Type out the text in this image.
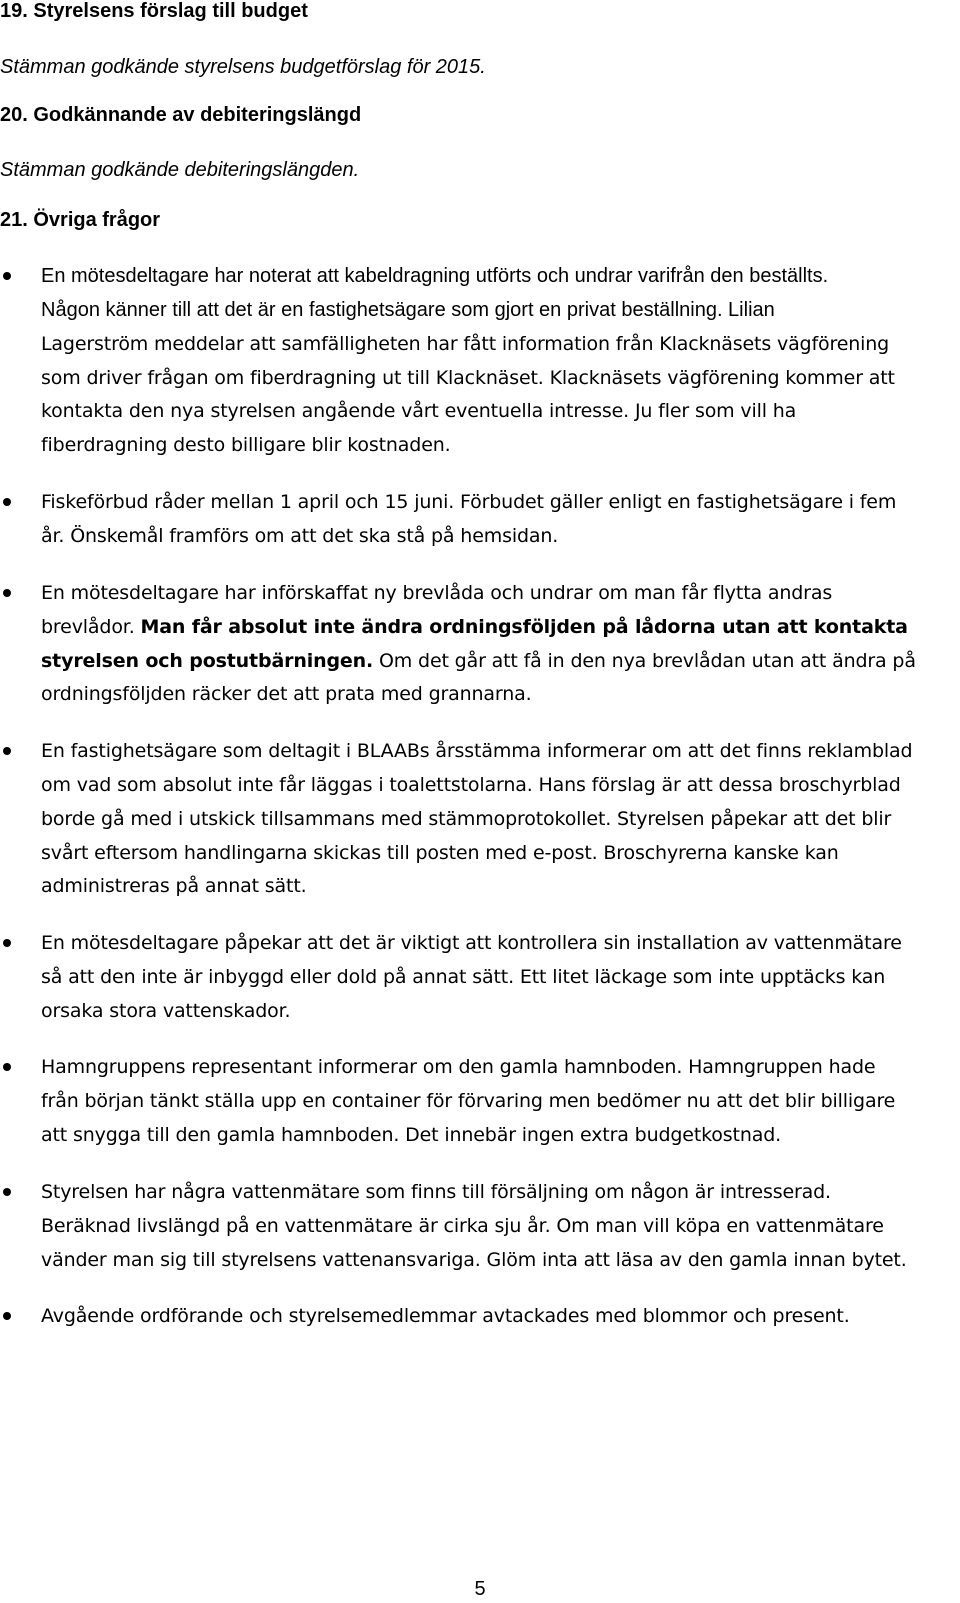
19. Styrelsens förslag till budget

Stämman godkände styrelsens budgetförslag för 2015.

20. Godkännande av debiteringslängd

Stämman godkände debiteringslängden.

21. Övriga frågor

En mötesdeltagare har noterat att kabeldragning utförts och undrar varifrån den beställts.

Någon känner till att det är en fastighetsägare som gjort en privat beställning. Lilian

Lagerström meddelar att samfälligheten har fått information från Klacknäsets vägförening

som driver frågan om fiberdragning ut till Klacknäset. Klacknäsets vägförening kommer att

kontakta den nya styrelsen angående vårt eventuella intresse. Ju fler som vill ha

fiberdragning desto billigare blir kostnaden.

Fiskeförbud råder mellan 1 april och 15 juni. Förbudet gäller enligt en fastighetsägare i fem

år. Önskemål framförs om att det ska stå på hemsidan.

En mötesdeltagare har införskaffat ny brevlåda och undrar om man får flytta andras

brevlådor. Man får absolut inte ändra ordningsföljden på lådorna utan att kontakta

styrelsen och postutbärningen. Om det går att få in den nya brevlådan utan att ändra på

ordningsföljden räcker det att prata med grannarna.

En fastighetsägare som deltagit i BLAABs årsstämma informerar om att det finns reklamblad

om vad som absolut inte får läggas i toalettstolarna. Hans förslag är att dessa broschyrblad

borde gå med i utskick tillsammans med stämmoprotokollet. Styrelsen påpekar att det blir

svårt eftersom handlingarna skickas till posten med e-post. Broschyrerna kanske kan

administreras på annat sätt.

En mötesdeltagare påpekar att det är viktigt att kontrollera sin installation av vattenmätare

så att den inte är inbyggd eller dold på annat sätt. Ett litet läckage som inte upptäcks kan

orsaka stora vattenskador.

Hamngruppens representant informerar om den gamla hamnboden. Hamngruppen hade

från början tänkt ställa upp en container för förvaring men bedömer nu att det blir billigare

att snygga till den gamla hamnboden. Det innebär ingen extra budgetkostnad.

Styrelsen har några vattenmätare som finns till försäljning om någon är intresserad.

Beräknad livslängd på en vattenmätare är cirka sju år. Om man vill köpa en vattenmätare

vänder man sig till styrelsens vattenansvariga. Glöm inta att läsa av den gamla innan bytet.

Avgående ordförande och styrelsemedlemmar avtackades med blommor och present.

5
